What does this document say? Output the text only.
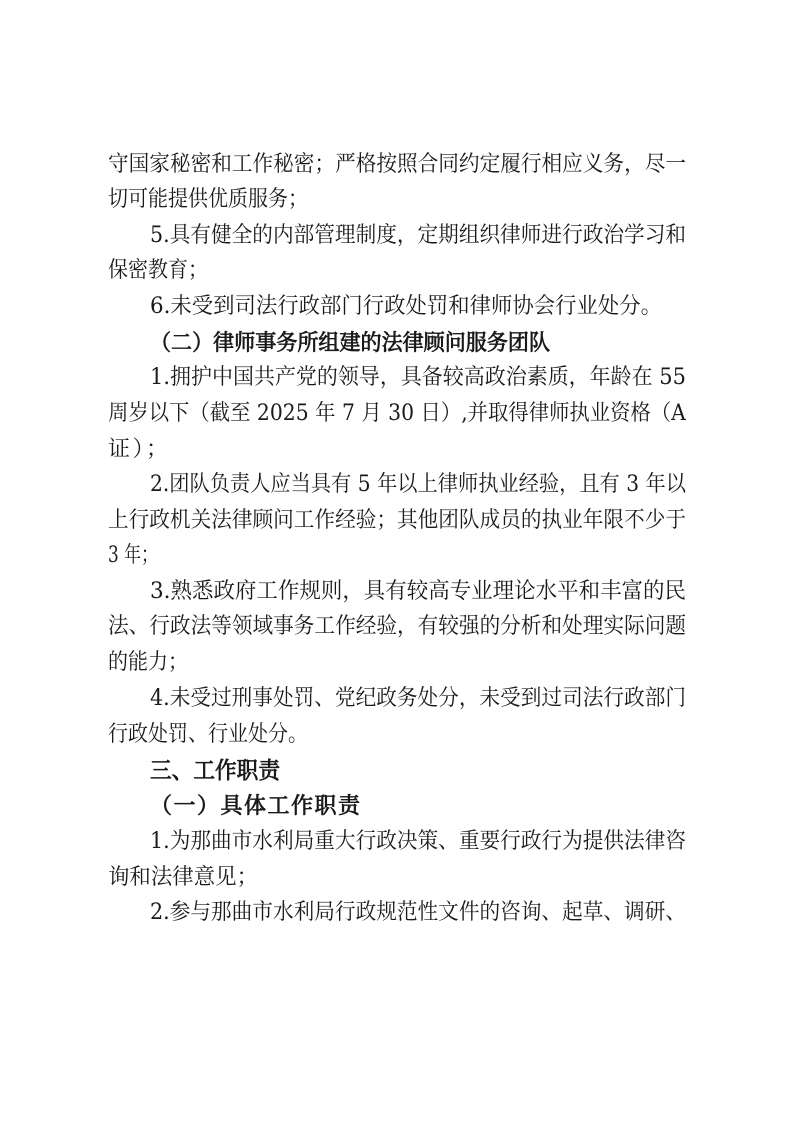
守国家秘密和工作秘密；严格按照合同约定履行相应义务，尽一
切可能提供优质服务；
5.具有健全的内部管理制度，定期组织律师进行政治学习和
保密教育；
6.未受到司法行政部门行政处罚和律师协会行业处分。
（二）律师事务所组建的法律顾问服务团队
1.拥护中国共产党的领导，具备较高政治素质，年龄在 55
周岁以下（截至 2025 年 7 月 30 日）,并取得律师执业资格（A
证）；
2.团队负责人应当具有 5 年以上律师执业经验，且有 3 年以
上行政机关法律顾问工作经验；其他团队成员的执业年限不少于
3 年；
3.熟悉政府工作规则，具有较高专业理论水平和丰富的民
法、行政法等领域事务工作经验，有较强的分析和处理实际问题
的能力；
4.未受过刑事处罚、党纪政务处分，未受到过司法行政部门
行政处罚、行业处分。
三、工作职责
（一）具体工作职责
1.为那曲市水利局重大行政决策、重要行政行为提供法律咨
询和法律意见；
2.参与那曲市水利局行政规范性文件的咨询、起草、调研、
